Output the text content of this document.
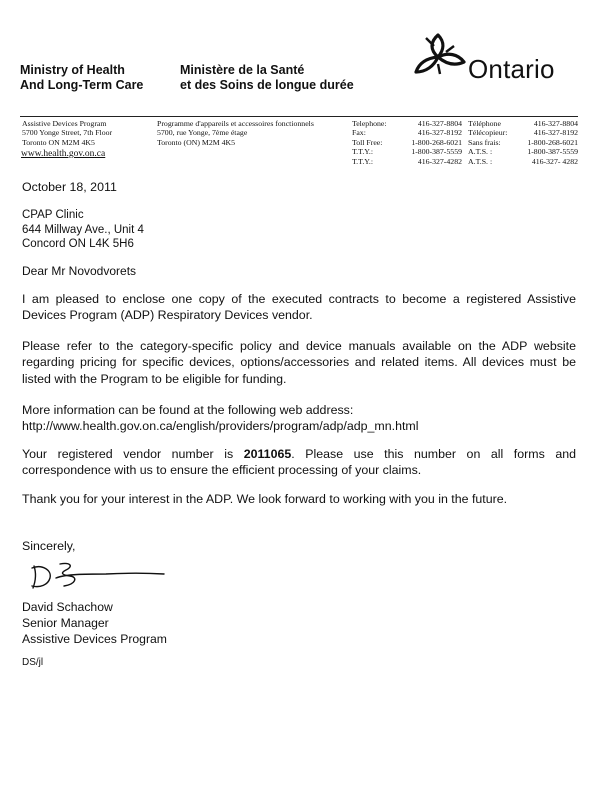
Ministry of Health
And Long-Term Care
Ministère de la Santé
et des Soins de longue durée
Ontario
Assistive Devices Program
5700 Yonge Street, 7th Floor
Toronto ON M2M 4K5
www.health.gov.on.ca
Programme d'appareils et accessoires fonctionnels
5700, rue Yonge, 7ème étage
Toronto (ON) M2M 4K5
Telephone:	416-327-8804
Fax:	416-327-8192
Toll Free:	1-800-268-6021
T.T.Y.:	1-800-387-5559
T.T.Y.:	416-327-4282
Téléphone	416-327-8804
Télécopieur:	416-327-8192
Sans frais:	1-800-268-6021
A.T.S. :	1-800-387-5559
A.T.S. :	416-327- 4282
October 18, 2011
CPAP Clinic
644 Millway Ave., Unit 4
Concord ON L4K 5H6
Dear Mr Novodvorets
I am pleased to enclose one copy of the executed contracts to become a registered Assistive Devices Program (ADP) Respiratory Devices vendor.
Please refer to the category-specific policy and device manuals available on the ADP website regarding pricing for specific devices, options/accessories and related items. All devices must be listed with the Program to be eligible for funding.
More information can be found at the following web address:
http://www.health.gov.on.ca/english/providers/program/adp/adp_mn.html
Your registered vendor number is 2011065. Please use this number on all forms and correspondence with us to ensure the efficient processing of your claims.
Thank you for your interest in the ADP. We look forward to working with you in the future.
Sincerely,
David Schachow
Senior Manager
Assistive Devices Program
DS/jl
